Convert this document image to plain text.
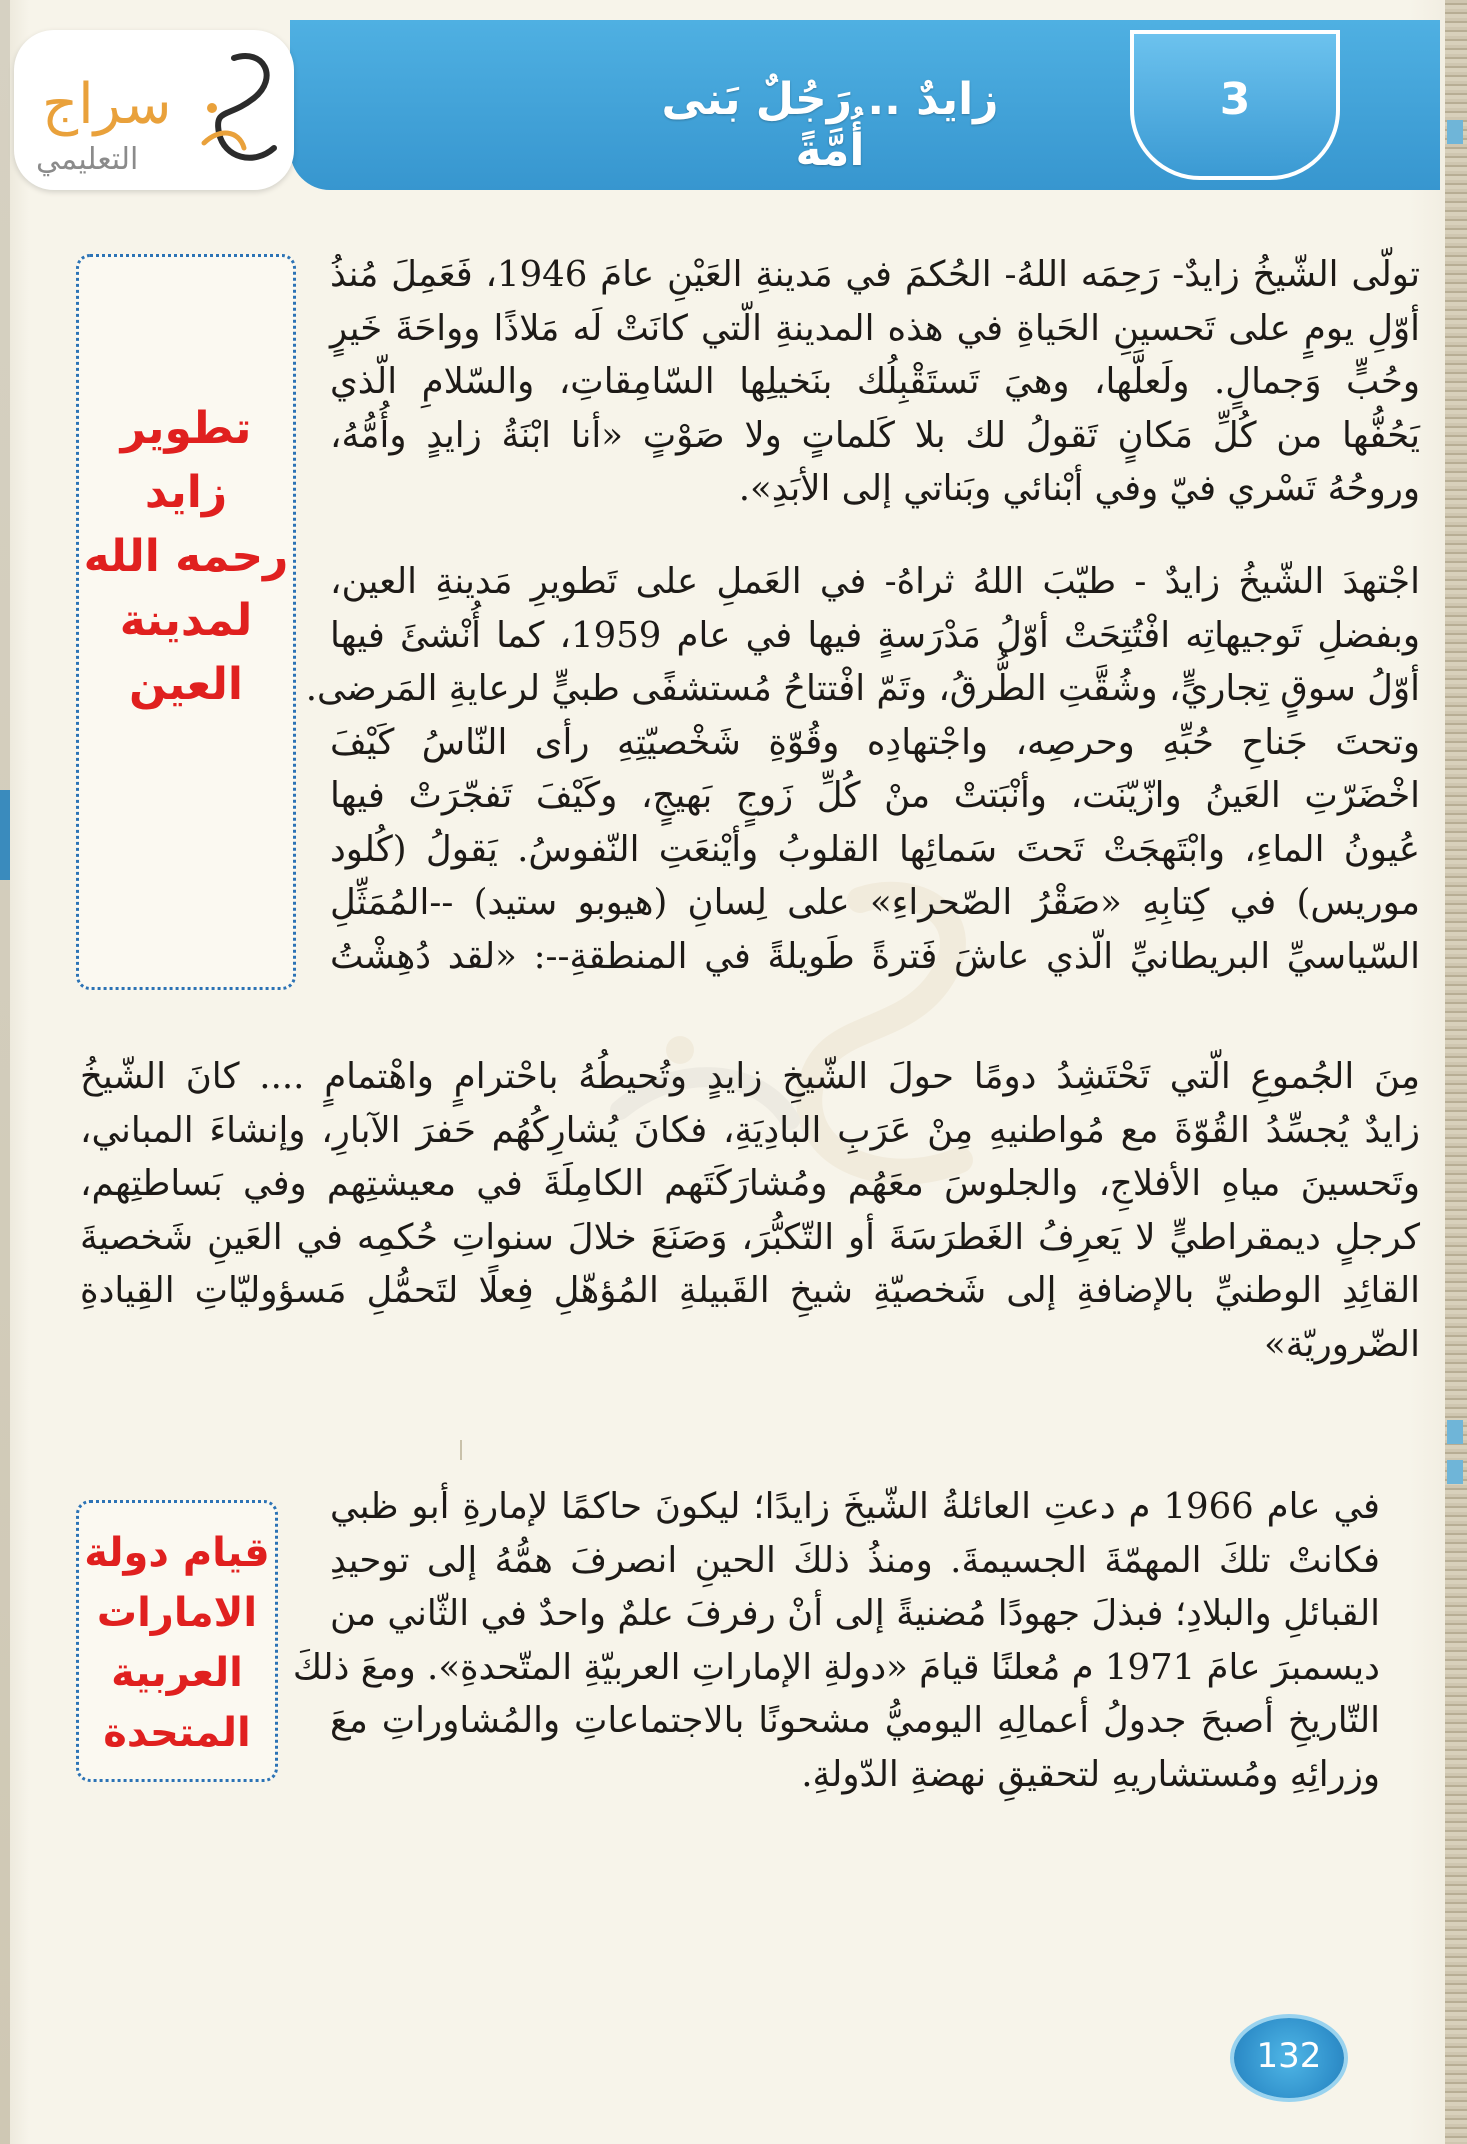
زايدٌ .. رَجُلٌ بَنى أُمَّةً
3
سراج
التعليمي
تطوير زايد
رحمه الله
لمدينة
العين
تولّى الشّيخُ زايدٌ- رَحِمَه اللهُ- الحُكمَ في مَدينةِ العَيْنِ عامَ 1946، فَعَمِلَ مُنذُ
أوّلِ يومٍ على تَحسينِ الحَياةِ في هذه المدينةِ الّتي كانَتْ لَه مَلاذًا وواحَةَ خَيرٍ
وحُبٍّ وَجمالٍ. ولَعلَّها، وهيَ تَستَقْبِلُك بنَخيلِها السّامِقاتِ، والسّلامِ الّذي
يَحُفُّها من كُلِّ مَكانٍ تَقولُ لك بلا كَلماتٍ ولا صَوْتٍ «أنا ابْنَةُ زايدٍ وأُمُّهُ،
وروحُهُ تَسْري فيّ وفي أبْنائي وبَناتي إلى الأبَدِ».
اجْتهدَ الشّيخُ زايدٌ - طيّبَ اللهُ ثراهُ- في العَملِ على تَطويرِ مَدينةِ العين،
وبفضلِ تَوجيهاتِه افْتُتِحَتْ أوّلُ مَدْرَسةٍ فيها في عام 1959، كما أُنْشئَ فيها
أوّلُ سوقٍ تِجاريٍّ، وشُقَّتِ الطُّرقُ، وتَمّ افْتتاحُ مُستشفًى طبيٍّ لرعايةِ المَرضى.
وتحتَ جَناحِ حُبِّهِ وحرصِه، واجْتهادِه وقُوّةِ شَخْصيّتِهِ رأى النّاسُ كَيْفَ
اخْضَرّتِ العَينُ وازّيّنَت، وأنْبَتتْ منْ كُلِّ زَوجٍ بَهيجٍ، وكَيْفَ تَفجّرَتْ فيها
عُيونُ الماءِ، وابْتَهجَتْ تَحتَ سَمائِها القلوبُ وأيْنعَتِ النّفوسُ. يَقولُ (كُلود
موريس) في كِتابِهِ «صَقْرُ الصّحراءِ» على لِسانِ (هيوبو ستيد) --المُمَثِّلِ
السّياسيِّ البريطانيِّ الّذي عاشَ فَترةً طَويلةً في المنطقةِ--: «لقد دُهِشْتُ
مِنَ الجُموعِ الّتي تَحْتَشِدُ دومًا حولَ الشّيخِ زايدٍ وتُحيطُهُ باحْترامٍ واهْتمامٍ .... كانَ الشّيخُ
زايدٌ يُجسِّدُ القُوّةَ مع مُواطنيهِ مِنْ عَرَبِ البادِيَةِ، فكانَ يُشارِكُهُم حَفرَ الآبارِ، وإنشاءَ المباني،
وتَحسينَ مياهِ الأفلاجِ، والجلوسَ معَهُم ومُشارَكَتَهم الكامِلَةَ في معيشتِهم وفي بَساطتِهم،
كرجلٍ ديمقراطيٍّ لا يَعرِفُ الغَطرَسَةَ أو التّكبُّرَ، وَصَنَعَ خلالَ سنواتِ حُكمِه في العَينِ شَخصيةَ
القائِدِ الوطنيِّ بالإضافةِ إلى شَخصيّةِ شيخِ القَبيلةِ المُؤهّلِ فِعلًا لتَحمُّلِ مَسؤوليّاتِ القِيادةِ
الضّروريّة»
قيام دولة
الامارات
العربية
المتحدة
في عام 1966 م دعتِ العائلةُ الشّيخَ زايدًا؛ ليكونَ حاكمًا لإمارةِ أبو ظبي
فكانتْ تلكَ المهمّةَ الجسيمةَ. ومنذُ ذلكَ الحينِ انصرفَ همُّهُ إلى توحيدِ
القبائلِ والبلادِ؛ فبذلَ جهودًا مُضنيةً إلى أنْ رفرفَ علمٌ واحدٌ في الثّاني من
ديسمبرَ عامَ 1971 م مُعلنًا قيامَ «دولةِ الإماراتِ العربيّةِ المتّحدةِ». ومعَ ذلكَ
التّاريخِ أصبحَ جدولُ أعمالِهِ اليوميُّ مشحونًا بالاجتماعاتِ والمُشاوراتِ معَ
وزرائِهِ ومُستشاريهِ لتحقيقِ نهضةِ الدّولةِ.
132
